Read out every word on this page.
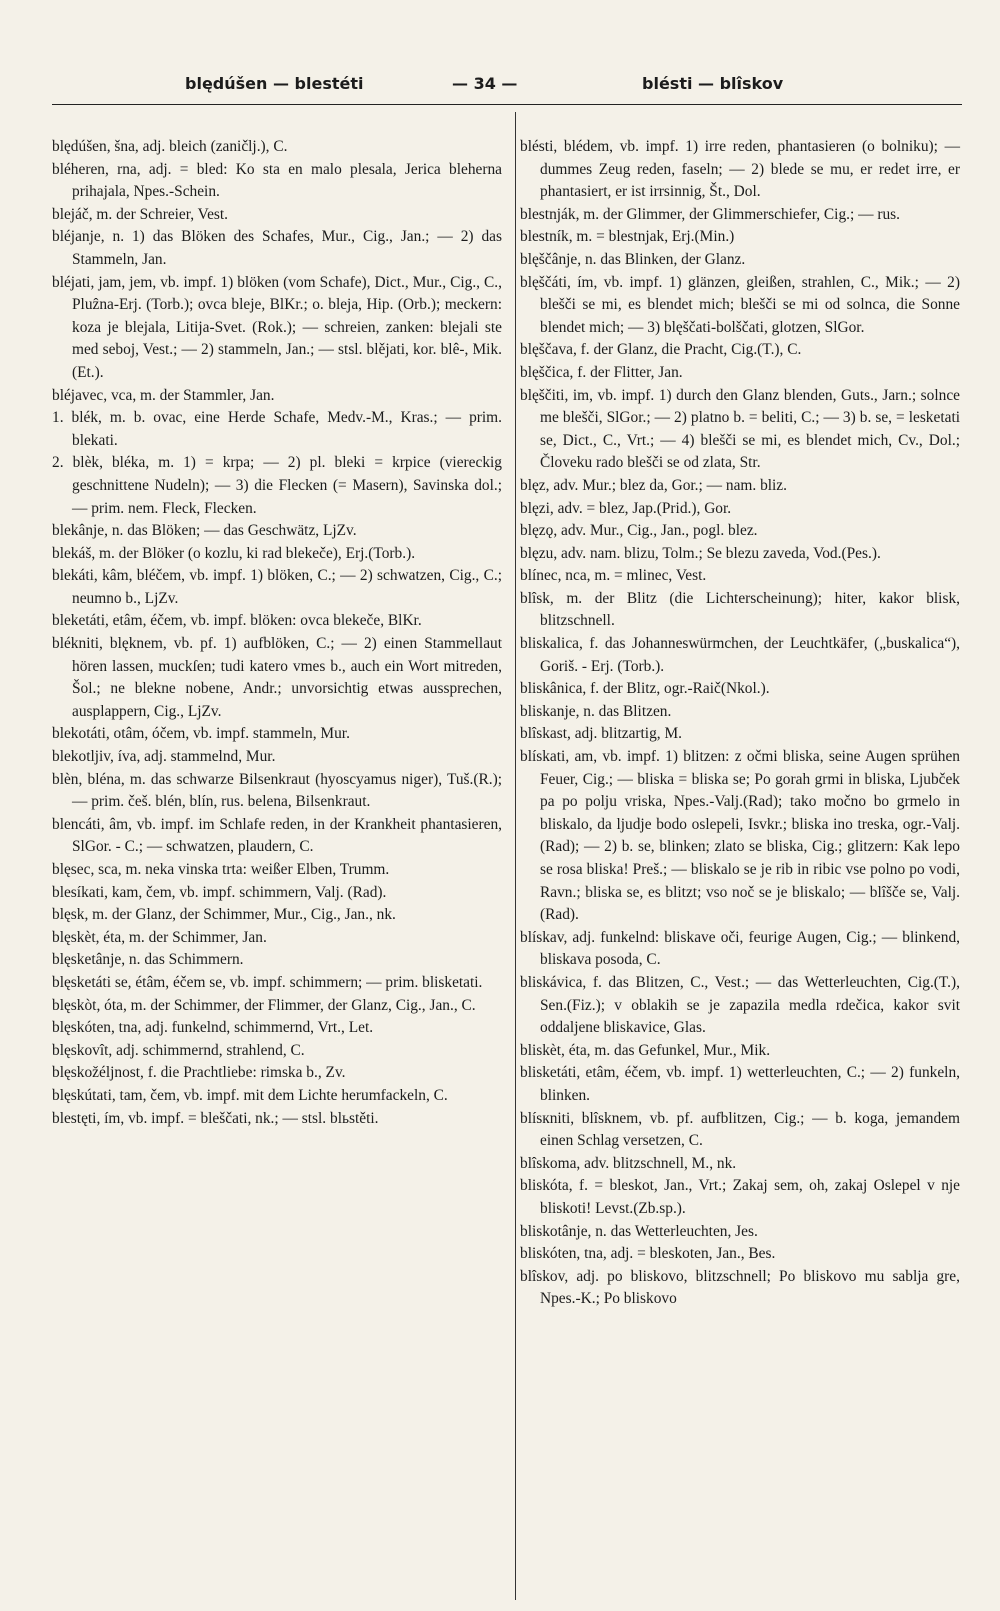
blędúšen — blestéti	— 34 —	blésti — blîskov

blędúšen, šna, adj. bleich (zaničlj.), C.

bléheren, rna, adj. = bled: Ko sta en malo plesala, Jerica bleherna prihajala, Npes.-Schein.

blejáč, m. der Schreier, Vest.

bléjanje, n. 1) das Blöken des Schafes, Mur., Cig., Jan.; — 2) das Stammeln, Jan.

bléjati, jam, jem, vb. impf. 1) blöken (vom Schafe), Dict., Mur., Cig., C., Pluẑna-Erj. (Torb.); ovca bleje, BlKr.; o. bleja, Hip. (Orb.); meckern: koza je blejala, Litija-Svet. (Rok.); — schreien, zanken: blejali ste med seboj, Vest.; — 2) stammeln, Jan.; — stsl. blějati, kor. blê-, Mik.(Et.).

bléjavec, vca, m. der Stammler, Jan.

1. blék, m. b. ovac, eine Herde Schafe, Medv.-M., Kras.; — prim. blekati.

2. blèk, bléka, m. 1) = krpa; — 2) pl. bleki = krpice (viereckig geschnittene Nudeln); — 3) die Flecken (= Masern), Savinska dol.; — prim. nem. Fleck, Flecken.

blekânje, n. das Blöken; — das Geschwätz, LjZv.

blekáš, m. der Blöker (o kozlu, ki rad blekeče), Erj.(Torb.).

blekáti, kâm, bléčem, vb. impf. 1) blöken, C.; — 2) schwatzen, Cig., C.; neumno b., LjZv.

bleketáti, etâm, éčem, vb. impf. blöken: ovca blekeče, BlKr.

blékniti, blęknem, vb. pf. 1) aufblöken, C.; — 2) einen Stammellaut hören lassen, muckſen; tudi katero vmes b., auch ein Wort mitreden, Šol.; ne blekne nobene, Andr.; unvorsichtig etwas aussprechen, ausplappern, Cig., LjZv.

blekotáti, otâm, óčem, vb. impf. stammeln, Mur.

blekotljiv, íva, adj. stammelnd, Mur.

blèn, bléna, m. das schwarze Bilsenkraut (hyoscyamus niger), Tuš.(R.); — prim. češ. blén, blín, rus. belena, Bilsenkraut.

blencáti, âm, vb. impf. im Schlafe reden, in der Krankheit phantasieren, SlGor. - C.; — schwatzen, plaudern, C.

blęsec, sca, m. neka vinska trta: weißer Elben, Trumm.

blesíkati, kam, čem, vb. impf. schimmern, Valj. (Rad).

blęsk, m. der Glanz, der Schimmer, Mur., Cig., Jan., nk.

blęskèt, éta, m. der Schimmer, Jan.

blęsketânje, n. das Schimmern.

blęsketáti se, étâm, éčem se, vb. impf. schimmern; — prim. blisketati.

blęskòt, óta, m. der Schimmer, der Flimmer, der Glanz, Cig., Jan., C.

blęskóten, tna, adj. funkelnd, schimmernd, Vrt., Let.

blęskovît, adj. schimmernd, strahlend, C.

blęskožéljnost, f. die Prachtliebe: rimska b., Zv.

blęskútati, tam, čem, vb. impf. mit dem Lichte herumfackeln, C.

blestęti, ím, vb. impf. = bleščati, nk.; — stsl. blьstěti.

blésti, blédem, vb. impf. 1) irre reden, phantasieren (o bolniku); — dummes Zeug reden, faseln; — 2) blede se mu, er redet irre, er phantasiert, er ist irrsinnig, Št., Dol.

blestnják, m. der Glimmer, der Glimmerschiefer, Cig.; — rus.

blestník, m. = blestnjak, Erj.(Min.)

blęščânje, n. das Blinken, der Glanz.

blęščáti, ím, vb. impf. 1) glänzen, gleißen, strahlen, C., Mik.; — 2) blešči se mi, es blendet mich; blešči se mi od solnca, die Sonne blendet mich; — 3) blęščati-bolščati, glotzen, SlGor.

blęščava, f. der Glanz, die Pracht, Cig.(T.), C.

blęščica, f. der Flitter, Jan.

blęščiti, im, vb. impf. 1) durch den Glanz blenden, Guts., Jarn.; solnce me blešči, SlGor.; — 2) platno b. = beliti, C.; — 3) b. se, = lesketati se, Dict., C., Vrt.; — 4) blešči se mi, es blendet mich, Cv., Dol.; Človeku rado blešči se od zlata, Str.

blęz, adv. Mur.; blez da, Gor.; — nam. bliz.

blęzi, adv. = blez, Jap.(Prid.), Gor.

blęzǫ, adv. Mur., Cig., Jan., pogl. blez.

blęzu, adv. nam. blizu, Tolm.; Se blezu zaveda, Vod.(Pes.).

blínec, nca, m. = mlinec, Vest.

blîsk, m. der Blitz (die Lichterscheinung); hiter, kakor blisk, blitzschnell.

bliskalica, f. das Johanneswürmchen, der Leuchtkäfer, („buskalica“), Goriš. - Erj. (Torb.).

bliskânica, f. der Blitz, ogr.-Raič(Nkol.).

bliskanje, n. das Blitzen.

blîskast, adj. blitzartig, M.

blískati, am, vb. impf. 1) blitzen: z očmi bliska, seine Augen sprühen Feuer, Cig.; — bliska = bliska se; Po gorah grmi in bliska, Ljubček pa po polju vriska, Npes.-Valj.(Rad); tako močno bo grmelo in bliskalo, da ljudje bodo oslepeli, Isvkr.; bliska ino treska, ogr.-Valj.(Rad); — 2) b. se, blinken; zlato se bliska, Cig.; glitzern: Kak lepo se rosa bliska! Preš.; — bliskalo se je rib in ribic vse polno po vodi, Ravn.; bliska se, es blitzt; vso noč se je bliskalo; — blîšče se, Valj.(Rad).

blískav, adj. funkelnd: bliskave oči, feurige Augen, Cig.; — blinkend, bliskava posoda, C.

bliskávica, f. das Blitzen, C., Vest.; — das Wetterleuchten, Cig.(T.), Sen.(Fiz.); v oblakih se je zapazila medla rdečica, kakor svit oddaljene bliskavice, Glas.

bliskèt, éta, m. das Gefunkel, Mur., Mik.

blisketáti, etâm, éčem, vb. impf. 1) wetterleuchten, C.; — 2) funkeln, blinken.

blísкniti, blîsknem, vb. pf. aufblitzen, Cig.; — b. koga, jemandem einen Schlag versetzen, C.

blîskoma, adv. blitzschnell, M., nk.

bliskóta, f. = bleskot, Jan., Vrt.; Zakaj sem, oh, zakaj Oslepel v nje bliskoti! Levst.(Zb.sp.).

bliskotânje, n. das Wetterleuchten, Jes.

bliskóten, tna, adj. = bleskoten, Jan., Bes.

blîskov, adj. po bliskovo, blitzschnell; Po bliskovo mu sablja gre, Npes.-K.; Po bliskovo
